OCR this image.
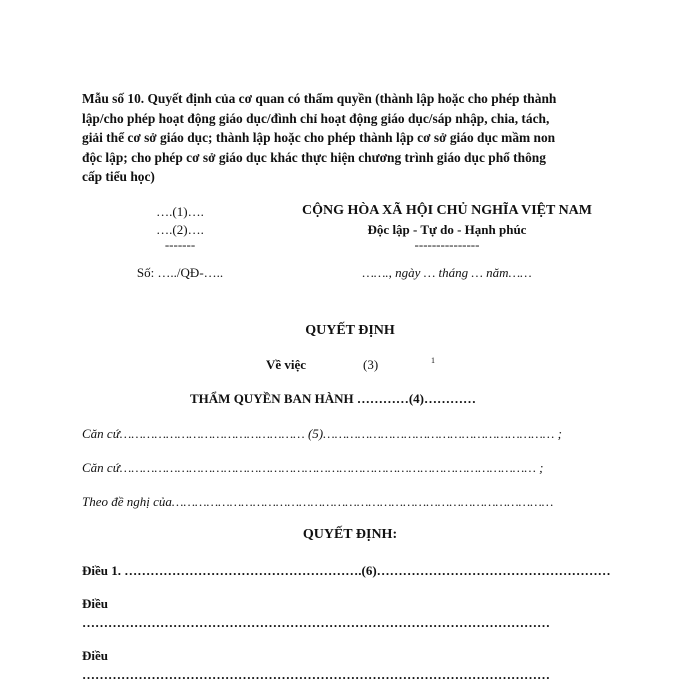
Mẫu số 10. Quyết định của cơ quan có thẩm quyền (thành lập hoặc cho phép thành
lập/cho phép hoạt động giáo dục/đình chỉ hoạt động giáo dục/sáp nhập, chia, tách,
giải thể cơ sở giáo dục; thành lập hoặc cho phép thành lập cơ sở giáo dục mầm non
độc lập; cho phép cơ sở giáo dục khác thực hiện chương trình giáo dục phổ thông
cấp tiểu học)
….(1)….
….(2)….
-------
Số: …../QĐ-…..
CỘNG HÒA XÃ HỘI CHỦ NGHĨA VIỆT NAM
Độc lập - Tự do - Hạnh phúc
---------------
……., ngày … tháng … năm……
QUYẾT ĐỊNH
Về việc	(3)	1
THẨM QUYỀN BAN HÀNH …………(4)…………
Căn cứ………………………………………… (5)…………………………………………………… ;
Căn cứ……………………………………………………………………………………………… ;
Theo đề nghị của………………………………………………………………………………………
QUYẾT ĐỊNH:
Điều 1. ……………………………………………….(6)………………………………………………
Điều
………………………………………………………………………………………………
Điều
………………………………………………………………………………………………
